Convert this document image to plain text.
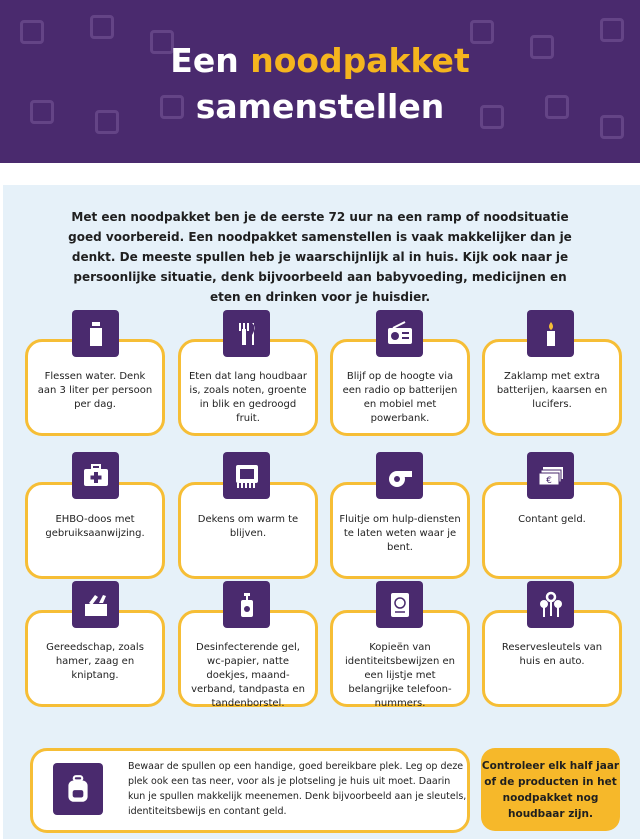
Een noodpakket
samenstellen
Met een noodpakket ben je de eerste 72 uur na een ramp of noodsituatie goed voorbereid. Een noodpakket samenstellen is vaak makkelijker dan je denkt. De meeste spullen heb je waarschijnlijk al in huis. Kijk ook naar je persoonlijke situatie, denk bijvoorbeeld aan babyvoeding, medicijnen en eten en drinken voor je huisdier.
Flessen water. Denk aan 3 liter per persoon per dag.
Eten dat lang houdbaar is, zoals noten, groente in blik en gedroogd fruit.
Blijf op de hoogte via een radio op batterijen en mobiel met powerbank.
Zaklamp met extra batterijen, kaarsen en lucifers.
EHBO-doos met gebruiksaanwijzing.
Dekens om warm te blijven.
Fluitje om hulp-diensten te laten weten waar je bent.
Contant geld.
€
Gereedschap, zoals hamer, zaag en kniptang.
Desinfecterende gel, wc-papier, natte doekjes, maand-verband, tandpasta en tandenborstel.
Kopieën van identiteitsbewijzen en een lijstje met belangrijke telefoon-nummers.
Reservesleutels van huis en auto.
Bewaar de spullen op een handige, goed bereikbare plek. Leg op deze plek ook een tas neer, voor als je plotseling je huis uit moet. Daarin kun je spullen makkelijk meenemen. Denk bijvoorbeeld aan je sleutels, identiteitsbewijs en contant geld.
Controleer elk half jaar of de producten in het noodpakket nog houdbaar zijn.
